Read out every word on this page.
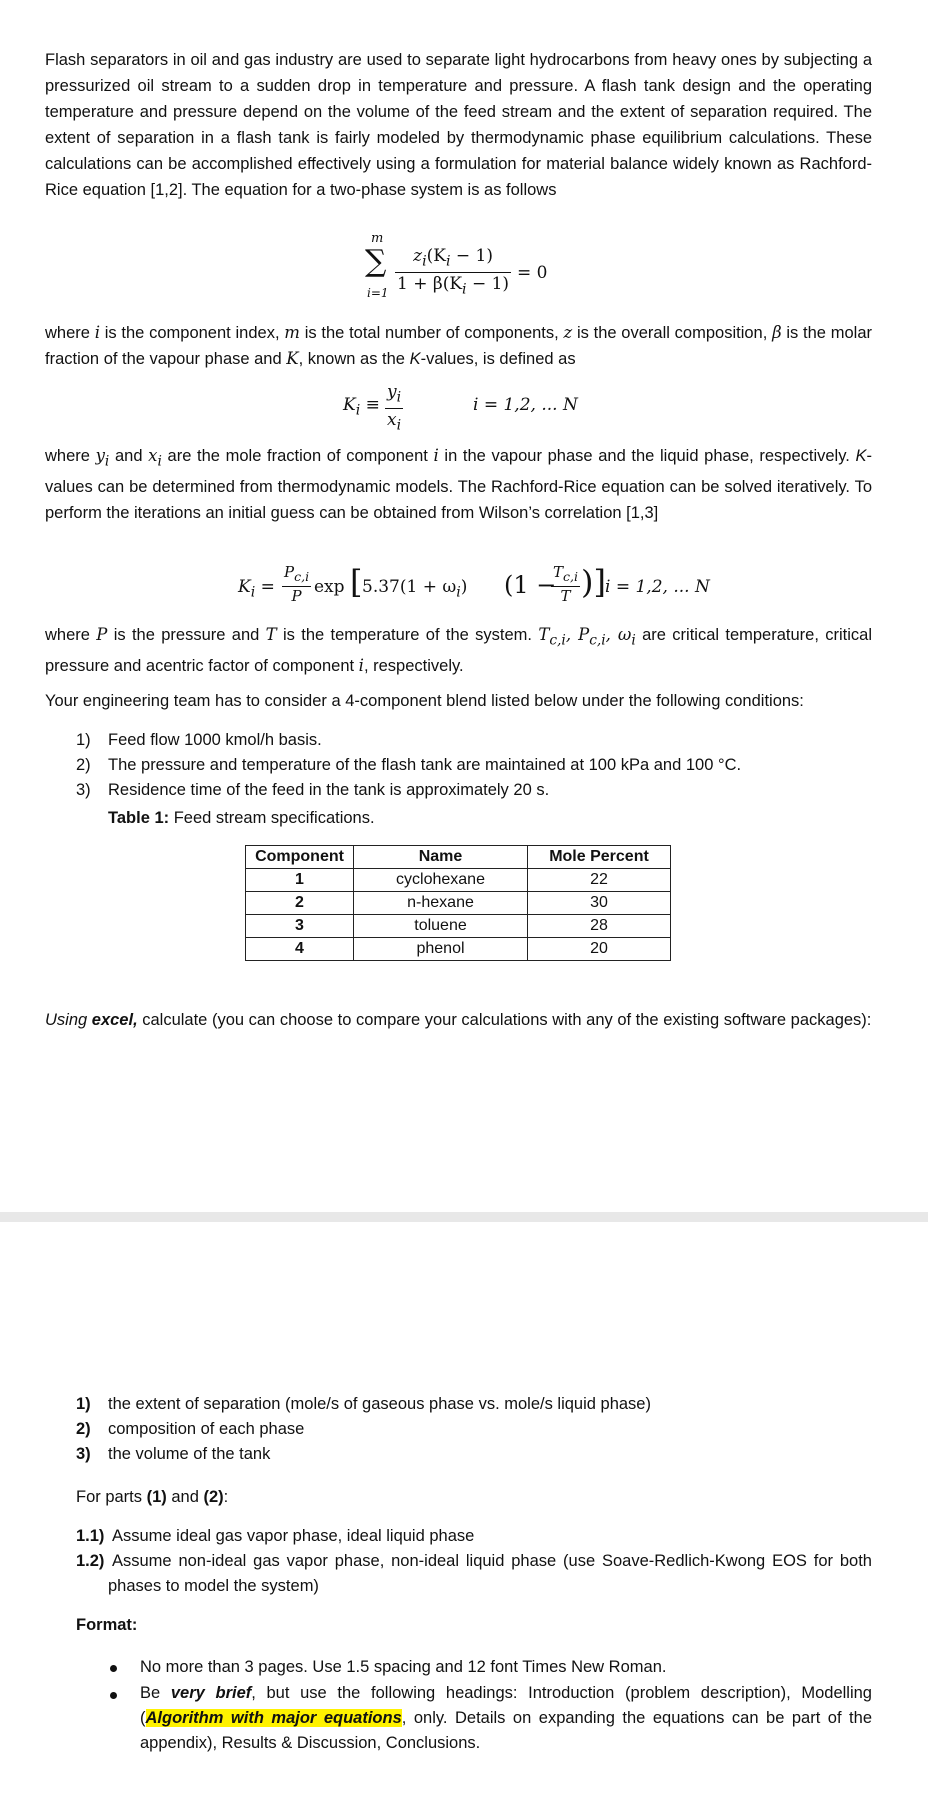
Flash separators in oil and gas industry are used to separate light hydrocarbons from heavy ones by subjecting a pressurized oil stream to a sudden drop in temperature and pressure. A flash tank design and the operating temperature and pressure depend on the volume of the feed stream and the extent of separation required. The extent of separation in a flash tank is fairly modeled by thermodynamic phase equilibrium calculations. These calculations can be accomplished effectively using a formulation for material balance widely known as Rachford-Rice equation [1,2]. The equation for a two-phase system is as follows

m
∑
$i=1 \frac{z_i(K_i - 1)}{1 + \beta(K_i - 1)} = 0$

where i is the component index, m is the total number of components, z is the overall composition, β is the molar fraction of the vapour phase and K, known as the K-values, is defined as

$K_i \equiv \frac{y_i}{x_i}$	i = 1,2, ... N

where $y_i$ and $x_i$ are the mole fraction of component i in the vapour phase and the liquid phase, respectively. K-values can be determined from thermodynamic models. The Rachford-Rice equation can be solved iteratively. To perform the iterations an initial guess can be obtained from Wilson’s correlation [1,3]

$K_i = \frac{P_{c,i}}{P}$ exp [ $5.37(1 + \omega_i)$ (1 −
$\frac{T_{c,i}}{T}$ )] i = 1,2, ... N

where P is the pressure and T is the temperature of the system. $T_{c,i}$, $P_{c,i}$, $\omega_i$ are critical temperature, critical pressure and acentric factor of component i, respectively.

Your engineering team has to consider a 4-component blend listed below under the following conditions:

1) Feed flow 1000 kmol/h basis.
2) The pressure and temperature of the flash tank are maintained at 100 kPa and 100 °C.
3) Residence time of the feed in the tank is approximately 20 s.
Table 1: Feed stream specifications.
Component	Name	Mole Percent
1	cyclohexane	22
2	n-hexane	30
3	toluene	28
4	phenol	20

Using excel, calculate (you can choose to compare your calculations with any of the existing software packages):

1) the extent of separation (mole/s of gaseous phase vs. mole/s liquid phase)
2) composition of each phase
3) the volume of the tank
For parts (1) and (2):
1.1) Assume ideal gas vapor phase, ideal liquid phase
1.2) Assume non-ideal gas vapor phase, non-ideal liquid phase (use Soave-Redlich-Kwong EOS for both phases to model the system)
Format:
No more than 3 pages. Use 1.5 spacing and 12 font Times New Roman.
Be very brief, but use the following headings: Introduction (problem description), Modelling (Algorithm with major equations, only. Details on expanding the equations can be part of the appendix), Results & Discussion, Conclusions.
